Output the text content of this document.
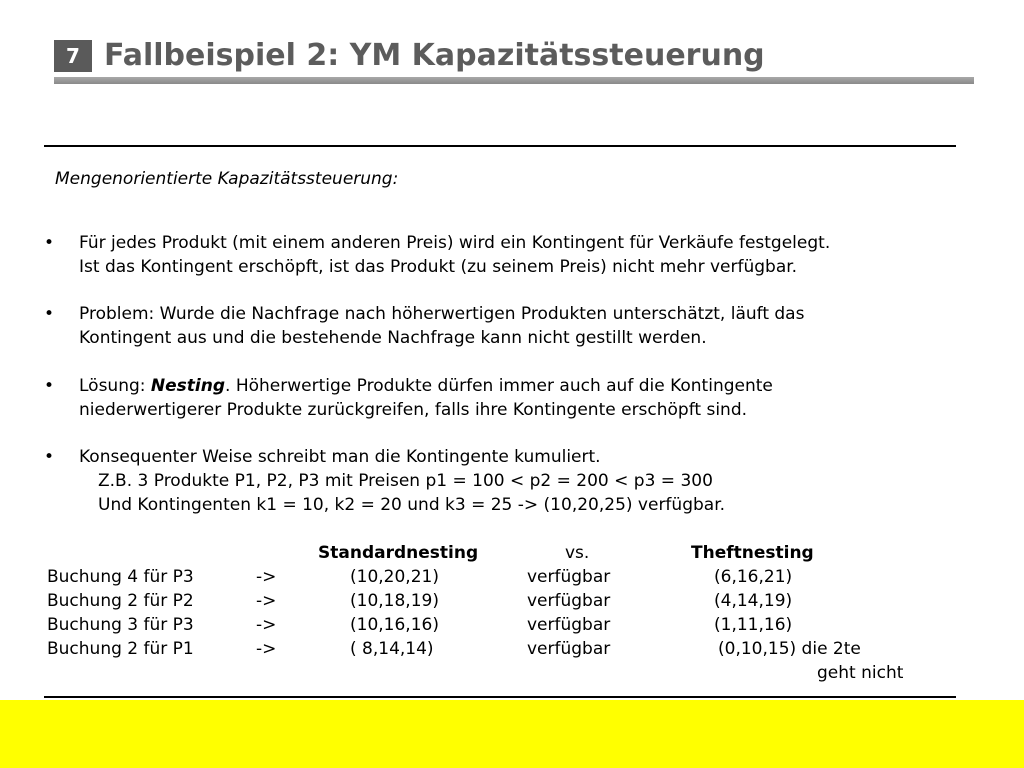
7 Fallbeispiel 2: YM Kapazitätssteuerung
Mengenorientierte Kapazitätssteuerung:
• Für jedes Produkt (mit einem anderen Preis) wird ein Kontingent für Verkäufe festgelegt.
Ist das Kontingent erschöpft, ist das Produkt (zu seinem Preis) nicht mehr verfügbar.
• Problem: Wurde die Nachfrage nach höherwertigen Produkten unterschätzt, läuft das
Kontingent aus und die bestehende Nachfrage kann nicht gestillt werden.
• Lösung: Nesting. Höherwertige Produkte dürfen immer auch auf die Kontingente
niederwertigerer Produkte zurückgreifen, falls ihre Kontingente erschöpft sind.
• Konsequenter Weise schreibt man die Kontingente kumuliert.
Z.B. 3 Produkte P1, P2, P3 mit Preisen p1 = 100 < p2 = 200 < p3 = 300
Und Kontingenten k1 = 10, k2 = 20 und k3 = 25 -> (10,20,25) verfügbar.
Standardnesting	vs.	Theftnesting
Buchung 4 für P3	->	(10,20,21)	verfügbar	(6,16,21)
Buchung 2 für P2	->	(10,18,19)	verfügbar	(4,14,19)
Buchung 3 für P3	->	(10,16,16)	verfügbar	(1,11,16)
Buchung 2 für P1	->	( 8,14,14)	verfügbar	(0,10,15) die 2te
geht nicht
